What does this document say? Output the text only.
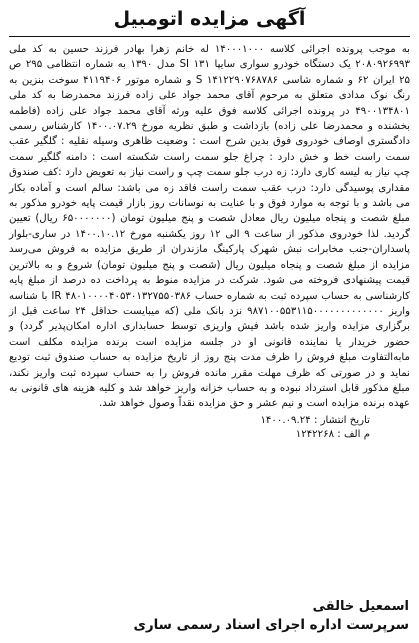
آگهی مزایده اتومبیل

به موجب پرونده اجرائی کلاسه ۱۴۰۰۰۱۰۰۰ له خانم زهرا بهادر فرزند حسین به کد ملی ۲۰۸۰۹۲۶۹۹۳ یک دستگاه خودرو سواری سایپا ۱۳۱ SI مدل ۱۳۹۰ به شماره انتظامی ۲۹۵ ص ۲۵ ایران ۶۲ و شماره شاسی S ۱۴۱۲۲۹۰۷۶۸۷۸۶ و شماره موتور ۴۱۱۹۴۰۶ سوخت بنزین به رنگ نوک مدادی متعلق به مرحوم آقای محمد جواد علی زاده فرزند محمدرضا به کد ملی ۴۹۰۰۱۳۴۸۰۱ در پرونده اجرائی کلاسه فوق علیه ورثه آقای محمد جواد علی زاده (فاطمه بخشنده و محمدرضا علی زاده) بازداشت و طبق نظریه مورخ ۱۴۰۰.۰۷.۲۹ کارشناس رسمی دادگستری اوصاف خودروی فوق بدین شرح است : وضعیت ظاهری وسیله نقلیه : گلگیر عقب سمت راست خط و خش دارد : چراغ جلو سمت راست شکسته است : دامنه گلگیر سمت چپ نیاز به لیسه کاری دارد: زه درب جلو سمت چپ و راست نیاز به تعویض دارد :کف صندوق مقداری پوسیدگی دارد: درب عقب سمت راست فاقد زه می باشد: سالم است و آماده بکار می باشد و با توجه به موارد فوق و با عنایت به نوسانات روز بازار قیمت پایه خودرو مذکور به مبلغ شصت و پنجاه میلیون ریال معادل شصت و پنج میلیون تومان (۶۵۰۰۰۰۰۰۰ ریال) تعیین گردید. لذا خودروی مذکور از ساعت ۹ الی ۱۲ روز یکشنبه مورخ ۱۴۰۰.۱۰.۱۲ در ساری-بلوار پاسداران-جنب مخابرات نبش شهرک پارکینگ مازندران از طریق مزایده به فروش می‌رسد مزایده از مبلغ شصت و پنجاه میلیون ریال (شصت و پنج میلیون تومان) شروع و به بالاترین قیمت پیشنهادی فروخته می شود. شرکت در مزایده منوط به پرداخت ده درصد از مبلغ پایه کارشناسی به حساب سپرده ثبت به شماره حساب IR ۴۸۰۱۰۰۰۰۴۰۵۳۰۱۳۲۷۵۵۰۳۸۶ با شناسه واریز ۹۸۷۱۰۰۵۵۳۱۱۵۰۰۰۰۰۰۰۰۰۰۰۰۰ نزد بانک ملی (که میبایست حداقل ۲۴ ساعت قبل از برگزاری مزایده واریز شده باشد فیش واریزی توسط حسابداری اداره امکان‌پذیر گردد) و حضور خریدار یا نماینده قانونی او در جلسه مزایده است برنده مزایده مکلف است مابه‌التفاوت مبلغ فروش را ظرف مدت پنج روز از تاریخ مزایده به حساب صندوق ثبت تودیع نماید و در صورتی که ظرف مهلت مقرر مانده فروش را به حساب سپرده ثبت واریز نکند، مبلغ مذکور قابل استرداد نبوده و به حساب خزانه واریز خواهد شد و کلیه هزینه های قانونی به عهده برنده مزایده است و نیم عشر و حق مزایده نقداً وصول خواهد شد.

تاریخ انتشار : ۱۴۰۰.۰۹.۲۴
م الف : ۱۲۴۲۲۶۸
اسمعیل خالقی
سرپرست اداره اجرای اسناد رسمی ساری
